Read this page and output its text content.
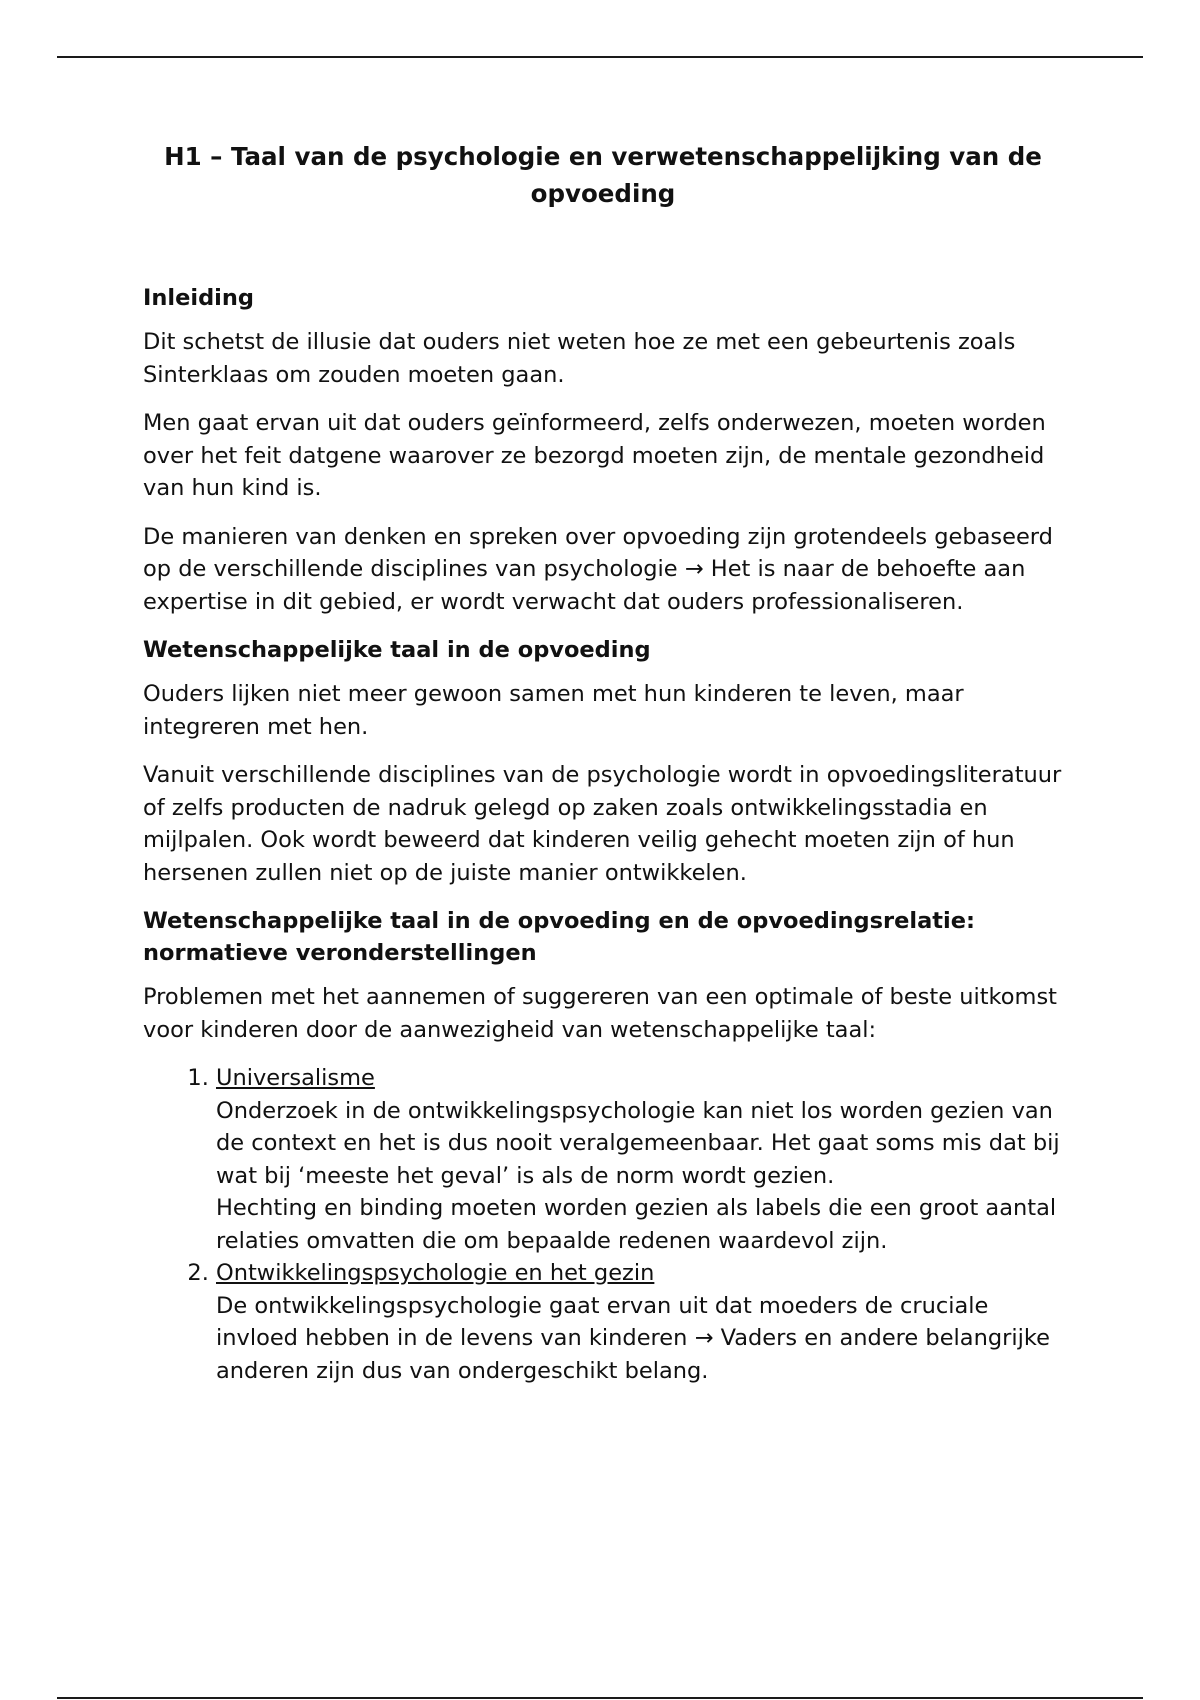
H1 – Taal van de psychologie en verwetenschappelijking van de opvoeding
Inleiding

Dit schetst de illusie dat ouders niet weten hoe ze met een gebeurtenis zoals Sinterklaas om zouden moeten gaan.

Men gaat ervan uit dat ouders geïnformeerd, zelfs onderwezen, moeten worden over het feit datgene waarover ze bezorgd moeten zijn, de mentale gezondheid van hun kind is.

De manieren van denken en spreken over opvoeding zijn grotendeels gebaseerd op de verschillende disciplines van psychologie → Het is naar de behoefte aan expertise in dit gebied, er wordt verwacht dat ouders professionaliseren.

Wetenschappelijke taal in de opvoeding

Ouders lijken niet meer gewoon samen met hun kinderen te leven, maar integreren met hen.

Vanuit verschillende disciplines van de psychologie wordt in opvoedingsliteratuur of zelfs producten de nadruk gelegd op zaken zoals ontwikkelingsstadia en mijlpalen. Ook wordt beweerd dat kinderen veilig gehecht moeten zijn of hun hersenen zullen niet op de juiste manier ontwikkelen.

Wetenschappelijke taal in de opvoeding en de opvoedingsrelatie: normatieve veronderstellingen

Problemen met het aannemen of suggereren van een optimale of beste uitkomst voor kinderen door de aanwezigheid van wetenschappelijke taal:

1. Universalisme
Onderzoek in de ontwikkelingspsychologie kan niet los worden gezien van de context en het is dus nooit veralgemeenbaar. Het gaat soms mis dat bij wat bij ‘meeste het geval’ is als de norm wordt gezien.
Hechting en binding moeten worden gezien als labels die een groot aantal relaties omvatten die om bepaalde redenen waardevol zijn.
2. Ontwikkelingspsychologie en het gezin
De ontwikkelingspsychologie gaat ervan uit dat moeders de cruciale invloed hebben in de levens van kinderen → Vaders en andere belangrijke anderen zijn dus van ondergeschikt belang.
